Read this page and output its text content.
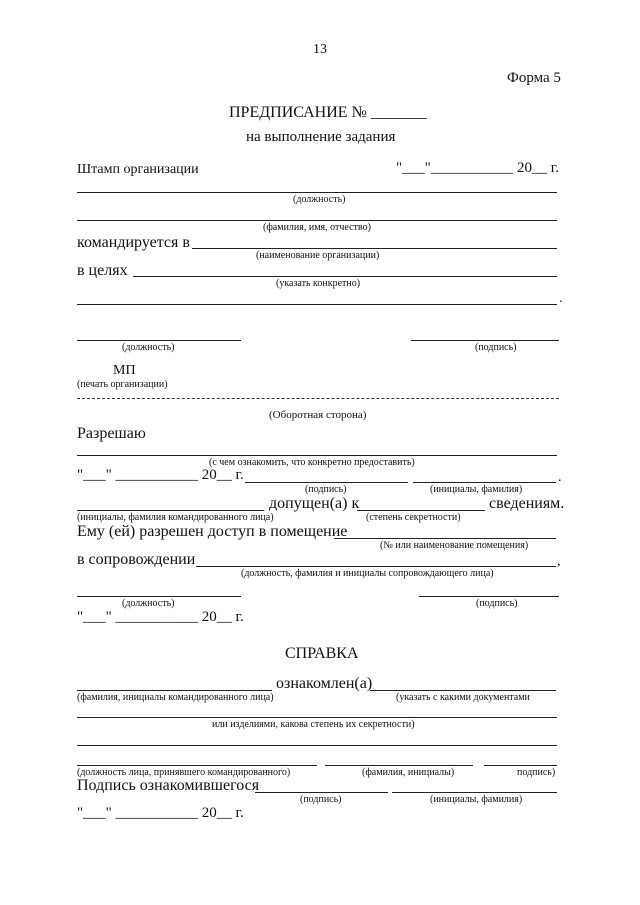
13
Форма 5
ПРЕДПИСАНИЕ № _______
на выполнение задания
Штамп организации	"___"___________ 20__ г.
(должность)
(фамилия, имя, отчество)
командируется в
(наименование организации)
в целях
(указать конкретно)
.
(должность)	(подпись)
МП
(печать организации)
(Оборотная сторона)
Разрешаю
(с чем ознакомить, что конкретно предоставить)
"___" ___________ 20__ г.
(подпись)	(инициалы, фамилия)
.
допущен(а) к	сведениям.
(инициалы, фамилия командированного лица)	(степень секретности)
Ему (ей) разрешен доступ в помещение
(№ или наименование помещения)
в сопровождении	,
(должность, фамилия и инициалы сопровождающего лица)
(должность)	(подпись)
"___" ___________ 20__ г.
СПРАВКА
ознакомлен(а)
(фамилия, инициалы командированного лица)	(указать с какими документами
или изделиями, какова степень их секретности)
(должность лица, принявшего командированного)	(фамилия, инициалы)	подпись)
Подпись ознакомившегося
(подпись)	(инициалы, фамилия)
"___" ___________ 20__ г.
